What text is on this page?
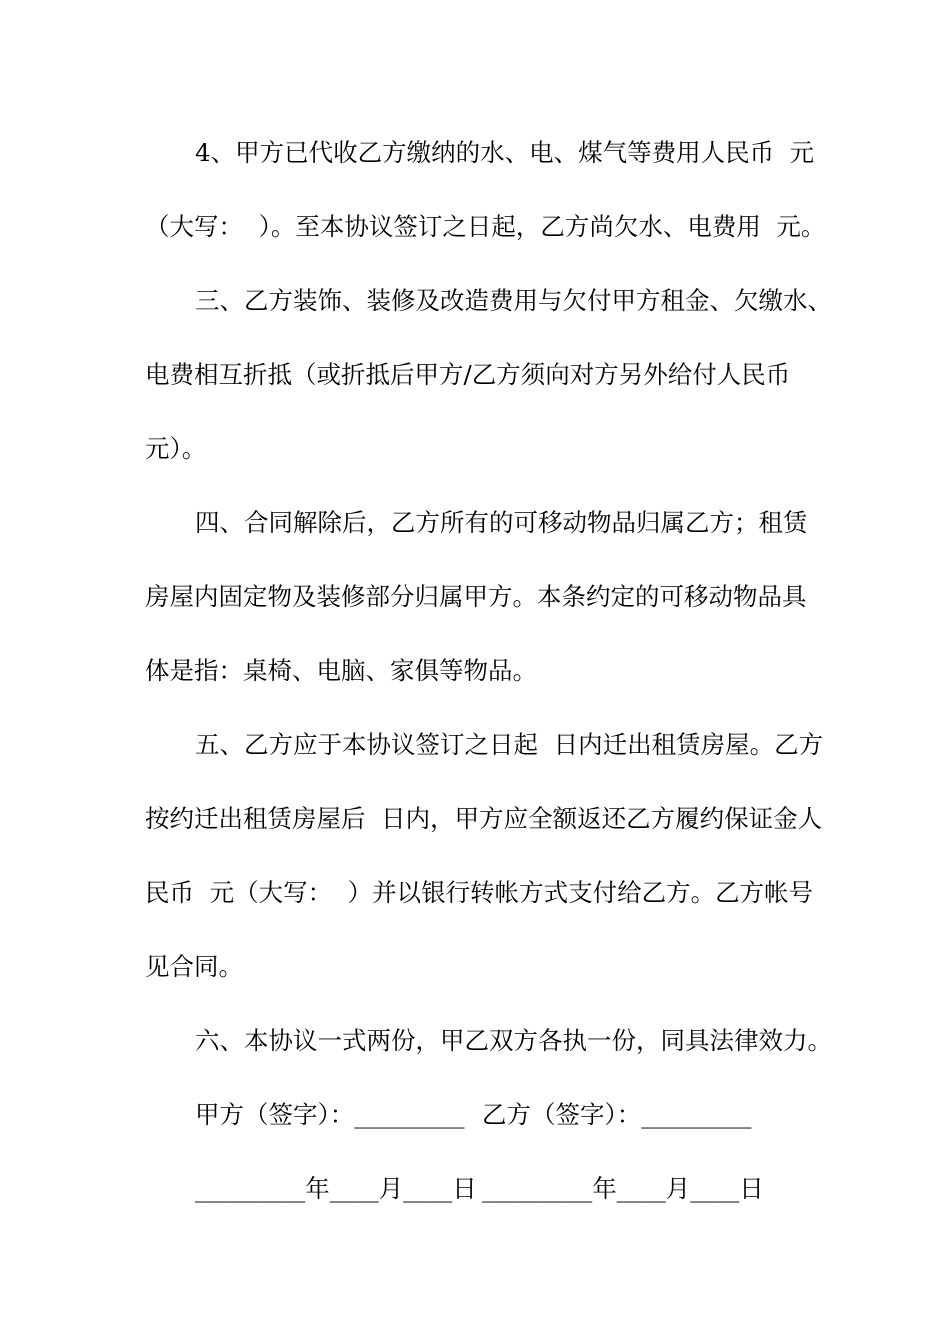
4、甲方已代收乙方缴纳的水、电、煤气等费用人民币  元

（大写：  ）。至本协议签订之日起，乙方尚欠水、电费用  元。

三、乙方装饰、装修及改造费用与欠付甲方租金、欠缴水、

电费相互折抵（或折抵后甲方/乙方须向对方另外给付人民币

元）。

四、合同解除后，乙方所有的可移动物品归属乙方；租赁

房屋内固定物及装修部分归属甲方。本条约定的可移动物品具

体是指：桌椅、电脑、家俱等物品。

五、乙方应于本协议签订之日起  日内迁出租赁房屋。乙方

按约迁出租赁房屋后  日内，甲方应全额返还乙方履约保证金人

民币  元（大写：  ）并以银行转帐方式支付给乙方。乙方帐号

见合同。

六、本协议一式两份，甲乙双方各执一份，同具法律效力。

甲方（签字）：_________

乙方（签字）：_________

_________年____月____日

_________年____月____日
